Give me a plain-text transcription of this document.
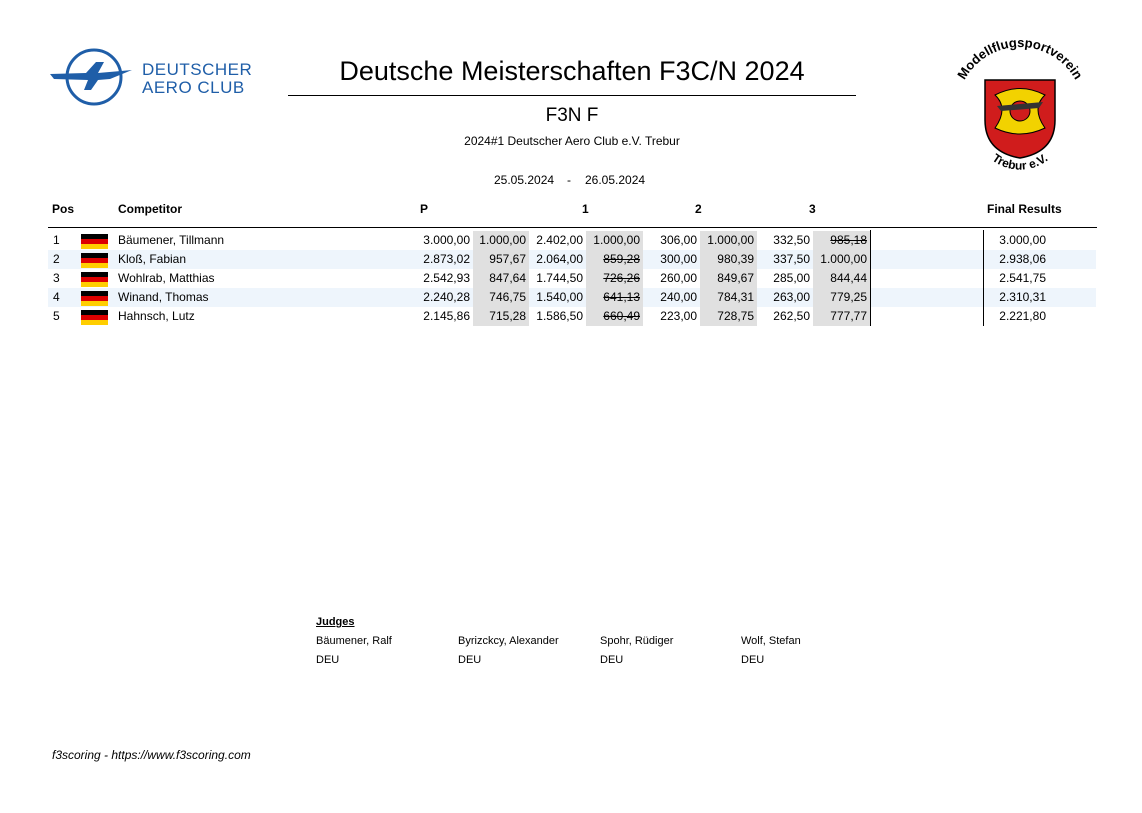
DEUTSCHER
AERO CLUB
Deutsche Meisterschaften F3C/N 2024
F3N F
2024#1 Deutscher Aero Club e.V. Trebur
25.05.2024 - 26.05.2024
Modellflugsportverein
Trebur e.V.
Pos	Competitor	P	1	2	3	Final Results
1	Bäumener, Tillmann	3.000,00 1.000,00 2.402,00 1.000,00	306,00 1.000,00	332,50	985,18	3.000,00
2	Kloß, Fabian	2.873,02	957,67 2.064,00	859,28	300,00	980,39	337,50 1.000,00	2.938,06
3	Wohlrab, Matthias	2.542,93	847,64 1.744,50	726,26	260,00	849,67	285,00	844,44	2.541,75
4	Winand, Thomas	2.240,28	746,75 1.540,00	641,13	240,00	784,31	263,00	779,25	2.310,31
5	Hahnsch, Lutz	2.145,86	715,28 1.586,50	660,49	223,00	728,75	262,50	777,77	2.221,80
Judges
Bäumener, Ralf
DEU
Byrizckcy, Alexander
DEU
Spohr, Rüdiger
DEU
Wolf, Stefan
DEU
f3scoring - https://www.f3scoring.com
